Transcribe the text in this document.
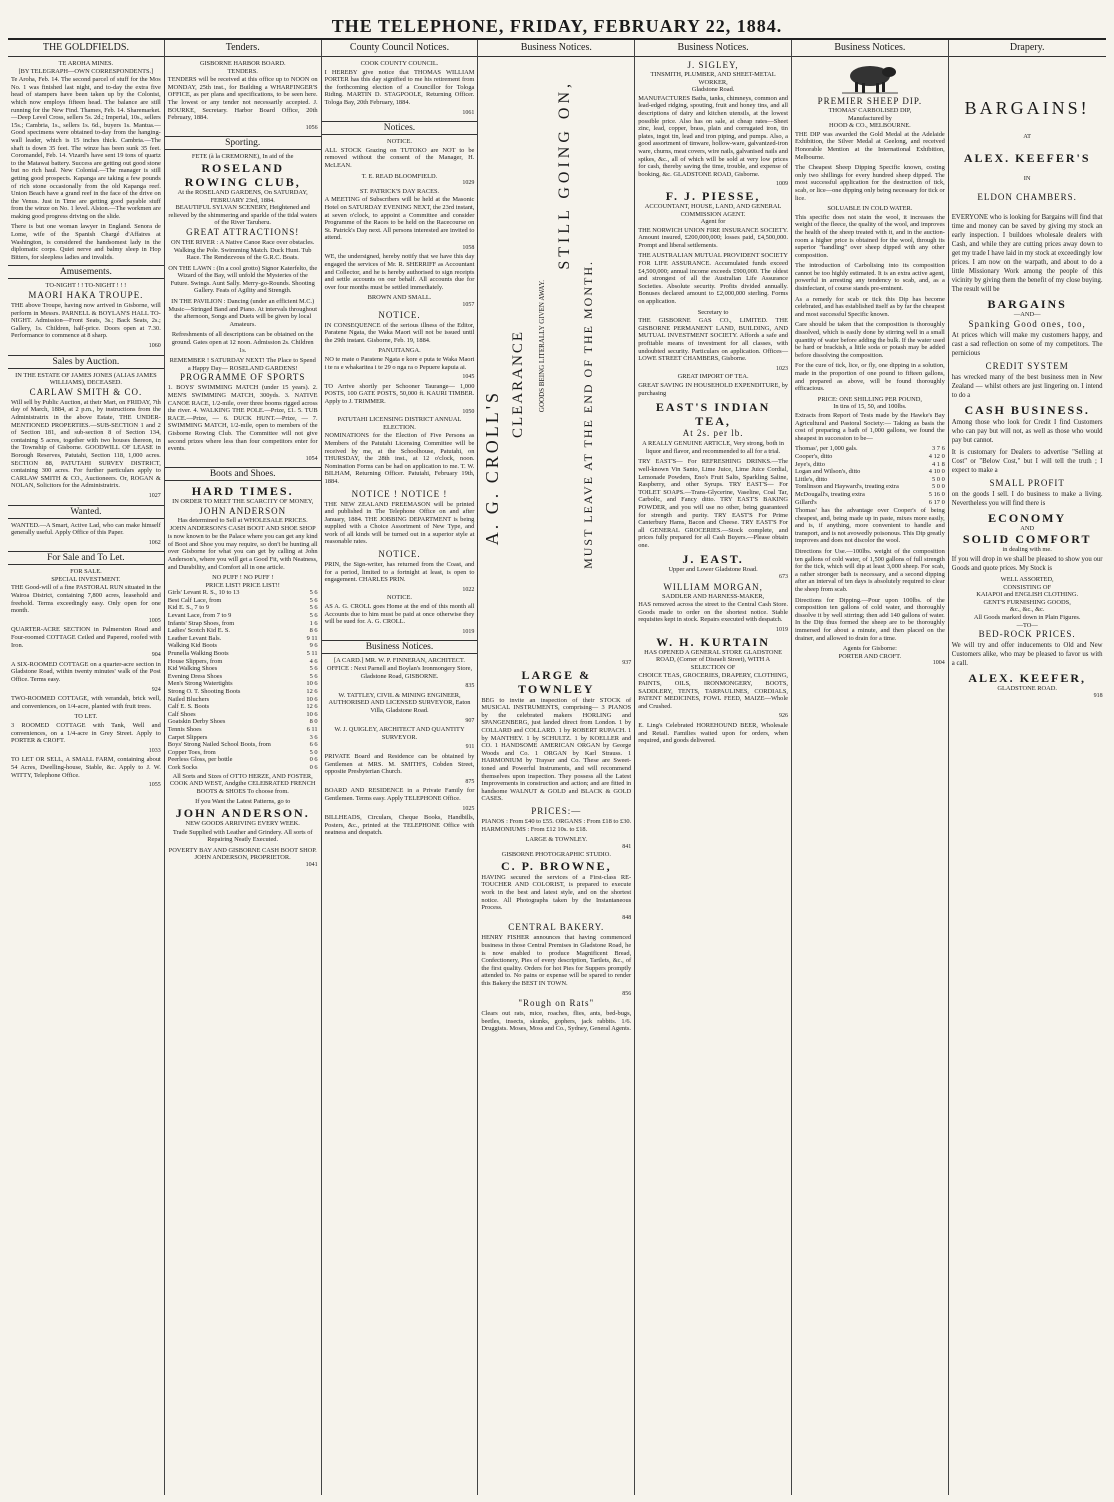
THE TELEPHONE, FRIDAY, FEBRUARY 22, 1884.
THE GOLDFIELDS.
TE AROHA MINES.
[BY TELEGRAPH—OWN CORRESPONDENTS.]

Te Aroha, Feb. 14. The second parcel of stuff for the Mos No. 1 was finished last night, and to-day the extra five head of stampers have been taken up by the Colonist, which now employs fifteen head. The balance are still running for the New Find. Thames, Feb. 14. Sharemarket.—Deep Level Cross, sellers 5s. 2d.; Imperial, 10s., sellers 15s.; Cambria, 1s., sellers 1s. 6d., buyers 1s. Mantua.—Good specimens were obtained to-day from the hanging-wall leader, which is 15 inches thick. Cambria.—The shaft is down 35 feet. The winze has been sunk 35 feet. Coromandel, Feb. 14. Vizard's have sent 19 tons of quartz to the Matawai battery. Success are getting out good stone but no rich haul. New Colonial.—The manager is still getting good prospects. Kapanga are taking a few pounds of rich stone occasionally from the old Kapanga reef. Union Beach have a grand reef in the face of the drive on the Venus. Just in Time are getting good payable stuff from the winze on No. 1 level. Alston.—The workmen are making good progress driving on the slide.

There is but one woman lawyer in England. Senora de Lome, wife of the Spanish Chargé d'Affaires at Washington, is considered the handsomest lady in the diplomatic corps. Quiet nerve and balmy sleep in Hop Bitters, for sleepless ladies and invalids.

Amusements.
TO-NIGHT ! ! TO-NIGHT ! ! !
MAORI HAKA TROUPE.

THE above Troupe, having now arrived in Gisborne, will perform in Messrs. PARNELL & BOYLAN'S HALL TO-NIGHT. Admission—Front Seats, 3s.; Back Seats, 2s.; Gallery, 1s. Children, half-price. Doors open at 7.30. Performance to commence at 8 sharp.

1060
Sales by Auction.
IN THE ESTATE OF JAMES JONES (ALIAS JAMES WILLIAMS), DECEASED.
CARLAW SMITH & CO.

Will sell by Public Auction, at their Mart, on FRIDAY, 7th day of March, 1884, at 2 p.m., by instructions from the Administratrix in the above Estate, THE UNDER-MENTIONED PROPERTIES.—SUB-SECTION 1 and 2 of Section 181, and sub-section 8 of Section 134, containing 5 acres, together with two houses thereon, in the Township of Gisborne. GOODWILL OF LEASE in Borough Reserves, Patutahi, Section 118, 1,000 acres. SECTION 88, PATUTAHI SURVEY DISTRICT, containing 300 acres. For further particulars apply to CARLAW SMITH & CO., Auctioneers. Or, ROGAN & NOLAN, Solicitors for the Administratrix.

1027
Wanted.

WANTED.—A Smart, Active Lad, who can make himself generally useful. Apply Office of this Paper.

1062
For Sale and To Let.
FOR SALE.
SPECIAL INVESTMENT.

THE Good-will of a fine PASTORAL RUN situated in the Wairoa District, containing 7,800 acres, leasehold and freehold. Terms exceedingly easy. Only open for one month.

1005

QUARTER-ACRE SECTION in Palmerston Road and Four-roomed COTTAGE Ceiled and Papered, roofed with Iron.

904

A SIX-ROOMED COTTAGE on a quarter-acre section in Gladstone Road, within twenty minutes' walk of the Post Office. Terms easy.

924

TWO-ROOMED COTTAGE, with verandah, brick well, and conveniences, on 1/4-acre, planted with fruit trees.

TO LET.

3 ROOMED COTTAGE with Tank, Well and conveniences, on a 1/4-acre in Grey Street. Apply to PORTER & CROFT.

1033

TO LET OR SELL, A SMALL FARM, containing about 54 Acres, Dwelling-house, Stable, &c. Apply to J. W. WITTY, Telephone Office.

1055
Tenders.
GISBORNE HARBOR BOARD.
TENDERS.

TENDERS will be received at this office up to NOON on MONDAY, 25th inst., for Building a WHARFINGER'S OFFICE, as per plans and specifications, to be seen here. The lowest or any tender not necessarily accepted. J. BOURKE, Secretary. Harbor Board Office, 20th February, 1884.

1056
Sporting.
FETE (à la CREMORNE), In aid of the
ROSELAND ROWING CLUB,
At the ROSELAND GARDENS, On SATURDAY, FEBRUARY 23rd, 1884.
BEAUTIFUL SYLVAN SCENERY, Heightened and relieved by the shimmering and sparkle of the tidal waters of the River Taruheru.
GREAT ATTRACTIONS!

ON THE RIVER : A Native Canoe Race over obstacles. Walking the Pole. Swimming Match. Duck Hunt. Tub Race. The Rendezvous of the G.R.C. Boats.

ON THE LAWN : (In a cool grotto) Signor Katerfelto, the Wizard of the Bay, will unfold the Mysteries of the Future. Swings. Aunt Sally. Merry-go-Rounds. Shooting Gallery. Feats of Agility and Strength.

IN THE PAVILION : Dancing (under an efficient M.C.) Music—Stringed Band and Piano. At intervals throughout the afternoon, Songs and Duets will be given by local Amateurs.

Refreshments of all descriptions can be obtained on the ground. Gates open at 12 noon. Admission 2s. Children 1s.

REMEMBER ! SATURDAY NEXT! The Place to Spend a Happy Day— ROSELAND GARDENS!
PROGRAMME OF SPORTS

1. BOYS' SWIMMING MATCH (under 15 years). 2. MEN'S SWIMMING MATCH, 300yds. 3. NATIVE CANOE RACE, 1/2-mile, over three booms rigged across the river. 4. WALKING THE POLE.—Prize, £1. 5. TUB RACE.—Prize, — 6. DUCK HUNT.—Prize, — 7. SWIMMING MATCH, 1/2-mile, open to members of the Gisborne Rowing Club. The Committee will not give second prizes where less than four competitors enter for events.

1054
Boots and Shoes.
HARD TIMES.
IN ORDER TO MEET THE SCARCITY OF MONEY,
JOHN ANDERSON
Has determined to Sell at WHOLESALE PRICES.
JOHN ANDERSON'S CASH BOOT AND SHOE SHOP

is now known to be the Palace where you can get any kind of Boot and Shoe you may require, so don't be hunting all over Gisborne for what you can get by calling at John Anderson's, where you will get a Good Fit, with Neatness, and Durability, and Comfort all in one article.

NO PUFF ! NO PUFF !
PRICE LIST! PRICE LIST!!
Girls' Levant R. S., 10 to 13	5 6
Best Calf Lace, from	5 6
Kid E. S., 7 to 9	5 6
Levant Lace, from 7 to 9	5 6
Infants' Strap Shoes, from	1 6
Ladies' Scotch Kid E. S.	8 6
Leather Levant Bals.	9 11
Walking Kid Boots	9 6
Prunella Walking Boots	5 11
House Slippers, from	4 6
Kid Walking Shoes	5 6
Evening Dress Shoes	5 6
Men's Strong Watertights	10 6
Strong O. T. Shooting Boots	12 6
Nailed Bluchers	10 6
Calf E. S. Boots	12 6
Calf Shoes	10 6
Goatskin Derby Shoes	8 0
Tennis Shoes	6 11
Carpet Slippers	3 6
Boys' Strong Nailed School Boots, from	6 6
Copper Toes, from	5 0
Peerless Gloss, per bottle	0 6
Cork Socks	0 6

All Sorts and Sizes of OTTO HERZE, AND FOSTER, COOK AND WEST, Andgthe CELEBRATED FRENCH BOOTS & SHOES To choose from.

If you Want the Latest Patterns, go to
JOHN ANDERSON.
NEW GOODS ARRIVING EVERY WEEK.

Trade Supplied with Leather and Grindery. All sorts of Repairing Neatly Executed.

POVERTY BAY AND GISBORNE CASH BOOT SHOP.
JOHN ANDERSON, PROPRIETOR.
1041
County Council Notices.
COOK COUNTY COUNCIL.

I HEREBY give notice that THOMAS WILLIAM PORTER has this day signified to me his retirement from the forthcoming election of a Councillor for Tologa Riding. MARTIN D. STAGPOOLE, Returning Officer. Tologa Bay, 20th February, 1884.

1061
Notices.
NOTICE.

ALL STOCK Grazing on TUTOKO are NOT to be removed without the consent of the Manager, H. McLEAN.

T. E. READ BLOOMFIELD.
1029
ST. PATRICK'S DAY RACES.

A MEETING of Subscribers will be held at the Masonic Hotel on SATURDAY EVENING NEXT, the 23rd instant, at seven o'clock, to appoint a Committee and consider Programme of the Races to be held on the Racecourse on St. Patrick's Day next. All persons interested are invited to attend.

1058

WE, the undersigned, hereby notify that we have this day engaged the services of Mr. R. SHERRIFF as Accountant and Collector, and he is hereby authorised to sign receipts and settle accounts on our behalf. All accounts due for over four months must be settled immediately.

BROWN AND SMALL.
1057
NOTICE.

IN CONSEQUENCE of the serious illness of the Editor, Paratene Ngata, the Waka Maori will not be issued until the 29th instant. Gisborne, Feb. 19, 1884.

PANUITANGA.

NO te mate o Paratene Ngata e kore e puta te Waka Maori i te ra e whakaritea i te 29 o nga ra o Pepuere kapuia ai.

1045

TO Arrive shortly per Schooner Taurange— 1,000 POSTS, 100 GATE POSTS, 50,000 ft. KAURI TIMBER. Apply to J. TRIMMER.

1050
PATUTAHI LICENSING DISTRICT ANNUAL ELECTION.

NOMINATIONS for the Election of Five Persons as Members of the Patutahi Licensing Committee will be received by me, at the Schoolhouse, Patutahi, on THURSDAY, the 28th inst., at 12 o'clock, noon. Nomination Forms can be had on application to me. T. W. BILHAM, Returning Officer. Patutahi, February 19th, 1884.

NOTICE ! NOTICE !

THE NEW ZEALAND FREEMASON will be printed and published in The Telephone Office on and after January, 1884. THE JOBBING DEPARTMENT is being supplied with a Choice Assortment of New Type, and work of all kinds will be turned out in a superior style at reasonable rates.

NOTICE.

PRIN, the Sign-writer, has returned from the Coast, and for a period, limited to a fortnight at least, is open to engagement. CHARLES PRIN.

1022
NOTICE.

AS A. G. CROLL goes Home at the end of this month all Accounts due to him must be paid at once otherwise they will be sued for. A. G. CROLL.

1019
Business Notices.

[A CARD.] MR. W. P. FINNERAN, ARCHITECT. OFFICE : Next Parnell and Boylan's Ironmongery Store, Gladstone Road, GISBORNE.

835

W. TATTLEY, CIVIL & MINING ENGINEER, AUTHORISED AND LICENSED SURVEYOR, Eaton Villa, Gladstone Road.

907

W. J. QUIGLEY, ARCHITECT AND QUANTITY SURVEYOR.

911

PRIVATE Board and Residence can be obtained by Gentlemen at MRS. M. SMITH'S, Cobden Street, opposite Presbyterian Church.

875

BOARD AND RESIDENCE in a Private Family for Gentlemen. Terms easy. Apply TELEPHONE Office.

1025

BILLHEADS, Circulars, Cheque Books, Handbills, Posters, &c., printed at the TELEPHONE Office with neatness and despatch.

Business Notices.
A. G. CROLL'S
CLEARANCE GOODS BEING LITERALLY GIVEN AWAY.
STILL GOING ON,
MUST LEAVE AT THE END OF THE MONTH.
937
LARGE & TOWNLEY

BEG to invite an inspection of their STOCK of MUSICAL INSTRUMENTS, comprising— 3 PIANOS by the celebrated makers HORLING and SPANGENBERG, just landed direct from London. 1 by COLLARD and COLLARD. 1 by ROBERT RUPACH. 1 by MANTHEY. 1 by SCHULTZ. 1 by KOELLER and CO. 1 HANDSOME AMERICAN ORGAN by George Woods and Co. 1 ORGAN by Karl Strauss. 1 HARMONIUM by Trayser and Co. These are Sweet-toned and Powerful Instruments, and will recommend themselves upon inspection. They possess all the Latest Improvements in construction and action; and are fitted in handsome WALNUT & GOLD and BLACK & GOLD CASES.

PRICES:—

PIANOS : From £40 to £55. ORGANS : From £18 to £30. HARMONIUMS : From £12 10s. to £18.

LARGE & TOWNLEY.
841
GISBORNE PHOTOGRAPHIC STUDIO.
C. P. BROWNE,

HAVING secured the services of a First-class RE-TOUCHER AND COLORIST, is prepared to execute work in the best and latest style, and on the shortest notice. All Photographs taken by the Instantaneous Process.

848
CENTRAL BAKERY.

HENRY FISHER announces that having commenced business in those Central Premises in Gladstone Road, he is now enabled to produce Magnificent Bread, Confectionery, Pies of every description, Tartlets, &c., of the first quality. Orders for hot Pies for Suppers promptly attended to. No pains or expense will be spared to render this Bakery the BEST IN TOWN.

856
"Rough on Rats"

Clears out rats, mice, roaches, flies, ants, bed-bugs, beetles, insects, skunks, gophers, jack rabbits. 1/6. Druggists. Moses, Moss and Co., Sydney, General Agents.

Business Notices.
J. SIGLEY,
TINSMITH, PLUMBER, AND SHEET-METAL WORKER,
Gladstone Road.

MANUFACTURES Baths, tanks, chimneys, common and lead-edged ridging, spouting, fruit and honey tins, and all descriptions of dairy and kitchen utensils, at the lowest possible price. Also has on sale, at cheap rates—Sheet zinc, lead, copper, brass, plain and corrugated iron, tin plates, ingot tin, lead and iron piping, and pumps. Also, a good assortment of tinware, hollow-ware, galvanized-iron ware, churns, meat covers, wire nails, galvanised nails and spikes, &c., all of which will be sold at very low prices for cash, thereby saving the time, trouble, and expense of booking, &c. GLADSTONE ROAD, Gisborne.

1009
F. J. PIESSE,
ACCOUNTANT, HOUSE, LAND, AND GENERAL COMMISSION AGENT.
Agent for

THE NORWICH UNION FIRE INSURANCE SOCIETY. Amount insured, £200,000,000; losses paid, £4,500,000. Prompt and liberal settlements.

THE AUSTRALIAN MUTUAL PROVIDENT SOCIETY FOR LIFE ASSURANCE. Accumulated funds exceed £4,500,000; annual income exceeds £900,000. The oldest and strongest of all the Australian Life Assurance Societies. Absolute security. Profits divided annually. Bonuses declared amount to £2,000,000 sterling. Forms on application.

Secretary to

THE GISBORNE GAS CO., LIMITED. THE GISBORNE PERMANENT LAND, BUILDING, AND MUTUAL INVESTMENT SOCIETY. Affords a safe and profitable means of investment for all classes, with undoubted security. Particulars on application. Offices— LOWE STREET CHAMBERS, Gisborne.

1023
GREAT IMPORT OF TEA.

GREAT SAVING IN HOUSEHOLD EXPENDITURE, by purchasing

EAST'S INDIAN TEA,
At 2s. per lb.

A REALLY GENUINE ARTICLE, Very strong, both in liquor and flavor, and recommended to all for a trial.

TRY EAST'S— For REFRESHING DRINKS.—The well-known Vin Santo, Lime Juice, Lime Juice Cordial, Lemonade Powders, Eno's Fruit Salts, Sparkling Saline, Raspberry, and other Syrups. TRY EAST'S— For TOILET SOAPS.—Trans-Glycerine, Vaseline, Coal Tar, Carbolic, and Fancy ditto. TRY EAST'S BAKING POWDER, and you will use no other, being guaranteed for strength and purity. TRY EAST'S For Prime Canterbury Hams, Bacon and Cheese. TRY EAST'S For all GENERAL GROCERIES.—Stock complete, and prices fully prepared for all Cash Buyers.—Please obtain one.

J. EAST.
Upper and Lower Gladstone Road.
673
WILLIAM MORGAN,
SADDLER AND HARNESS-MAKER,

HAS removed across the street to the Central Cash Store. Goods made to order on the shortest notice. Stable requisites kept in stock. Repairs executed with despatch.

1019
W. H. KURTAIN
HAS OPENED A GENERAL STORE GLADSTONE ROAD, (Corner of Disraeli Street), WITH A SELECTION OF

CHOICE TEAS, GROCERIES, DRAPERY, CLOTHING, PAINTS, OILS, IRONMONGERY, BOOTS, SADDLERY, TENTS, TARPAULINES, CORDIALS, PATENT MEDICINES, FOWL FEED, MAIZE—Whole and Crushed.

926

E. Ling's Celebrated HOREHOUND BEER, Wholesale and Retail. Families waited upon for orders, when required, and goods delivered.

Business Notices.
PREMIER SHEEP DIP.
THOMAS' CARBOLISED DIP,
Manufactured by
HOOD & CO., MELBOURNE.

THE DIP was awarded the Gold Medal at the Adelaide Exhibition, the Silver Medal at Geelong, and received Honorable Mention at the International Exhibition, Melbourne.

The Cheapest Sheep Dipping Specific known, costing only two shillings for every hundred sheep dipped. The most successful application for the destruction of tick, scab, or lice—one dipping only being necessary for tick or lice.

SOLUABLE IN COLD WATER.

This specific does not stain the wool, it increases the weight of the fleece, the quality of the wool, and improves the health of the sheep treated with it, and in the auction-room a higher price is obtained for the wool, through its superior "handling" over sheep dipped with any other composition.

The introduction of Carbolising into its composition cannot be too highly estimated. It is an extra active agent, powerful in arresting any tendency to scab, and, as a disinfectant, of course stands pre-eminent.

As a remedy for scab or tick this Dip has become celebrated, and has established itself as by far the cheapest and most successful Specific known.

Care should be taken that the composition is thoroughly dissolved, which is easily done by stirring well in a small quantity of water before adding the bulk. If the water used be hard or brackish, a little soda or potash may be added before dissolving the composition.

For the cure of tick, lice, or fly, one dipping in a solution, made in the proportion of one pound to fifteen gallons, and prepared as above, will be found thoroughly efficacious.

PRICE: ONE SHILLING PER POUND,
In tins of 15, 50, and 100lbs.

Extracts from Report of Tests made by the Hawke's Bay Agricultural and Pastoral Society:— Taking as basis the cost of preparing a bath of 1,000 gallons, we found the sheapest in succession to be—

Thomas', per 1,000 gals.	3 7 6
Cooper's, ditto	4 12 0
Jeye's, ditto	4 1 8
Logan and Wilson's, ditto	4 10 0
Little's, ditto	5 0 0
Tomlinson and Hayward's, treating extra	5 0 0
McDougall's, treating extra	5 16 0
Gillard's	6 17 0

Thomas' has the advantage over Cooper's of being cheapest, and, being made up in paste, mixes more easily, and is, if anything, more convenient to handle and transport, and is not avowedly poisonous. This Dip greatly improves and does not discolor the wool.

Directions for Use.—100lbs. weight of the composition ten gallons of cold water, of 1,500 gallons of full strength for the tick, which will dip at least 3,000 sheep. For scab, a rather stronger bath is necessary, and a second dipping after an interval of ten days is absolutely required to clear the sheep from scab.

Directions for Dipping.—Pour upon 100lbs. of the composition ten gallons of cold water, and thoroughly dissolve it by well stirring; then add 140 gallons of water. In the Dip thus formed the sheep are to be thoroughly immersed for about a minute, and then placed on the drainer, and allowed to drain for a time.

Agents for Gisborne:
PORTER AND CROFT.
1004
Drapery.
BARGAINS!
AT
ALEX. KEEFER'S
IN
ELDON CHAMBERS.

EVERYONE who is looking for Bargains will find that time and money can be saved by giving my stock an early inspection. I buildoes wholesale dealers with Cash, and while they are cutting prices away down to get my trade I have laid in my stock at exceedingly low prices. I am now on the warpath, and about to do a little Missionary Work among the people of this vicinity by giving them the benefit of my close buying. The result will be

BARGAINS
—AND—
Spanking Good ones, too,

At prices which will make my customers happy, and cast a sad reflection on some of my competitors. The pernicious

CREDIT SYSTEM

has wrecked many of the best business men in New Zealand — whilst others are just lingering on. I intend to do a

CASH BUSINESS.

Among those who look for Credit I find Customers who can pay but will not, as well as those who would pay but cannot.

It is customary for Dealers to advertise "Selling at Cost" or "Below Cost," but I will tell the truth ; I expect to make a

SMALL PROFIT

on the goods I sell. I do business to make a living. Nevertheless you will find there is

ECONOMY
AND
SOLID COMFORT
in dealing with me.

If you will drop in we shall be pleased to show you our Goods and quote prices. My Stock is

WELL ASSORTED,
CONSISTING OF
KAIAPOI and ENGLISH CLOTHING.
GENT'S FURNISHING GOODS,
&c., &c., &c.
All Goods marked down in Plain Figures.
—TO—
BED-ROCK PRICES.

We will try and offer inducements to Old and New Customers alike, who may be pleased to favor us with a call.

ALEX. KEEFER,
GLADSTONE ROAD.
918
